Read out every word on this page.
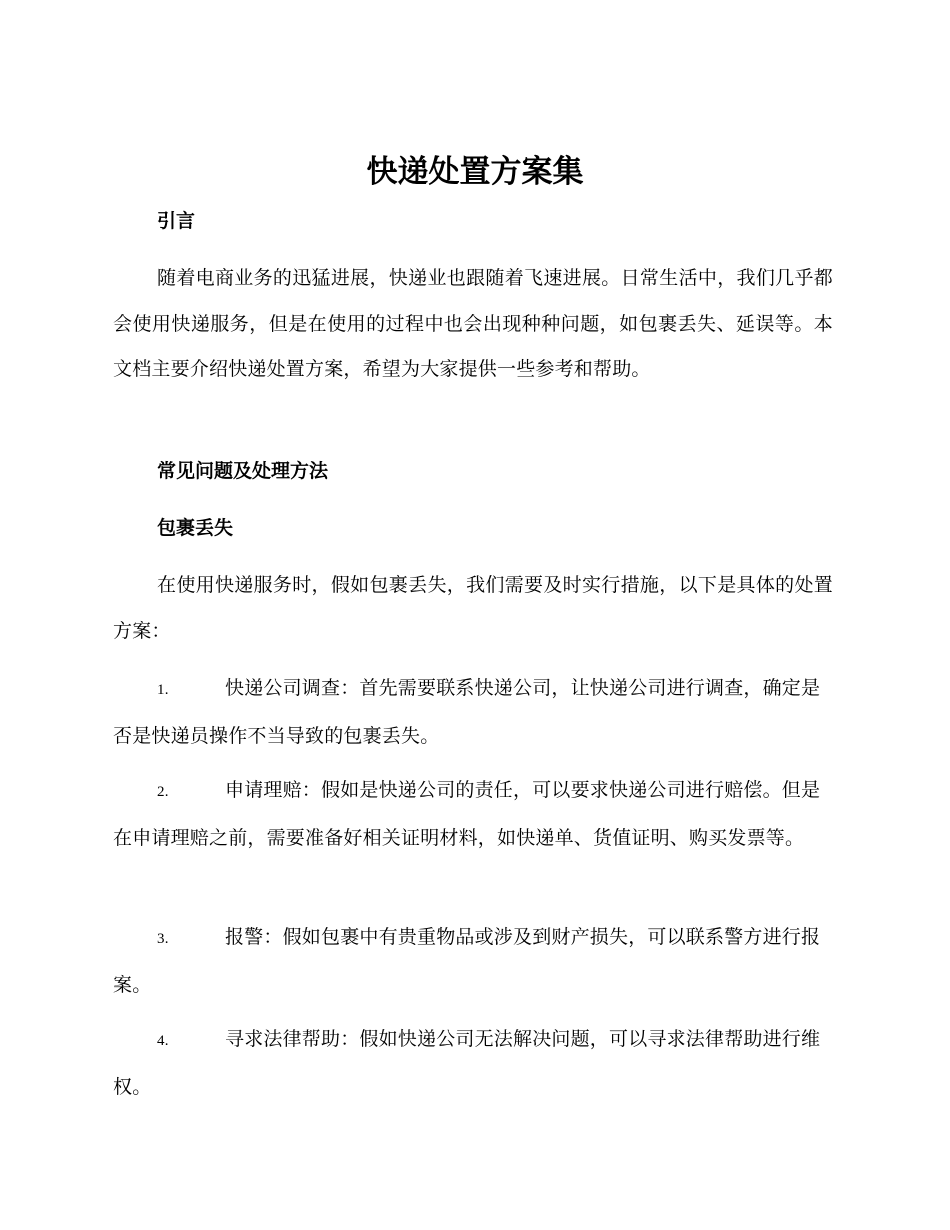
快递处置方案集
引言
随着电商业务的迅猛进展，快递业也跟随着飞速进展。日常生活中，我们几乎都会使用快递服务，但是在使用的过程中也会出现种种问题，如包裹丢失、延误等。本文档主要介绍快递处置方案，希望为大家提供一些参考和帮助。
常见问题及处理方法
包裹丢失
在使用快递服务时，假如包裹丢失，我们需要及时实行措施，以下是具体的处置方案：
1.	快递公司调查：首先需要联系快递公司，让快递公司进行调查，确定是否是快递员操作不当导致的包裹丢失。
2.	申请理赔：假如是快递公司的责任，可以要求快递公司进行赔偿。但是在申请理赔之前，需要准备好相关证明材料，如快递单、货值证明、购买发票等。
3.	报警：假如包裹中有贵重物品或涉及到财产损失，可以联系警方进行报案。
4.	寻求法律帮助：假如快递公司无法解决问题，可以寻求法律帮助进行维权。
